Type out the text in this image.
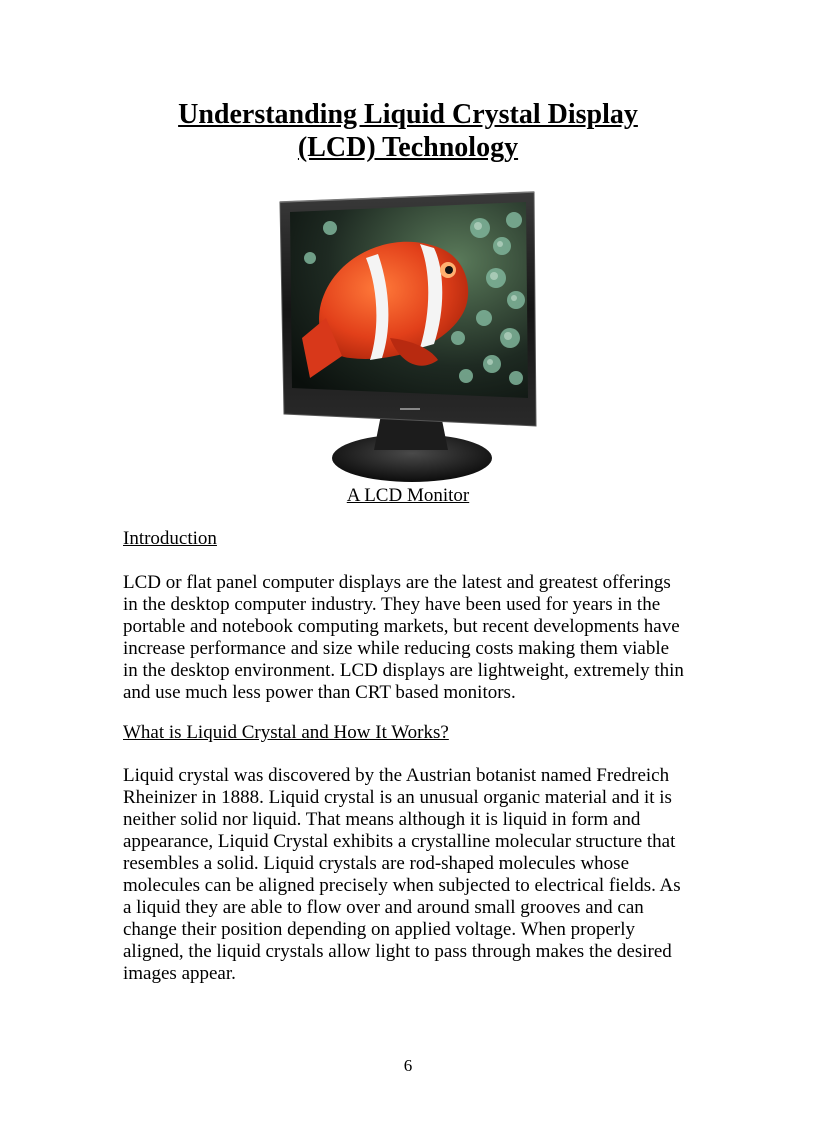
Understanding Liquid Crystal Display
(LCD) Technology
A LCD Monitor
Introduction

LCD or flat panel computer displays are the latest and greatest offerings
in the desktop computer industry. They have been used for years in the
portable and notebook computing markets, but recent developments have
increase performance and size while reducing costs making them viable
in the desktop environment. LCD displays are lightweight, extremely thin
and use much less power than CRT based monitors.

What is Liquid Crystal and How It Works?

Liquid crystal was discovered by the Austrian botanist named Fredreich
Rheinizer in 1888. Liquid crystal is an unusual organic material and it is
neither solid nor liquid. That means although it is liquid in form and
appearance, Liquid Crystal exhibits a crystalline molecular structure that
resembles a solid. Liquid crystals are rod-shaped molecules whose
molecules can be aligned precisely when subjected to electrical fields. As
a liquid they are able to flow over and around small grooves and can
change their position depending on applied voltage. When properly
aligned, the liquid crystals allow light to pass through makes the desired
images appear.

6
